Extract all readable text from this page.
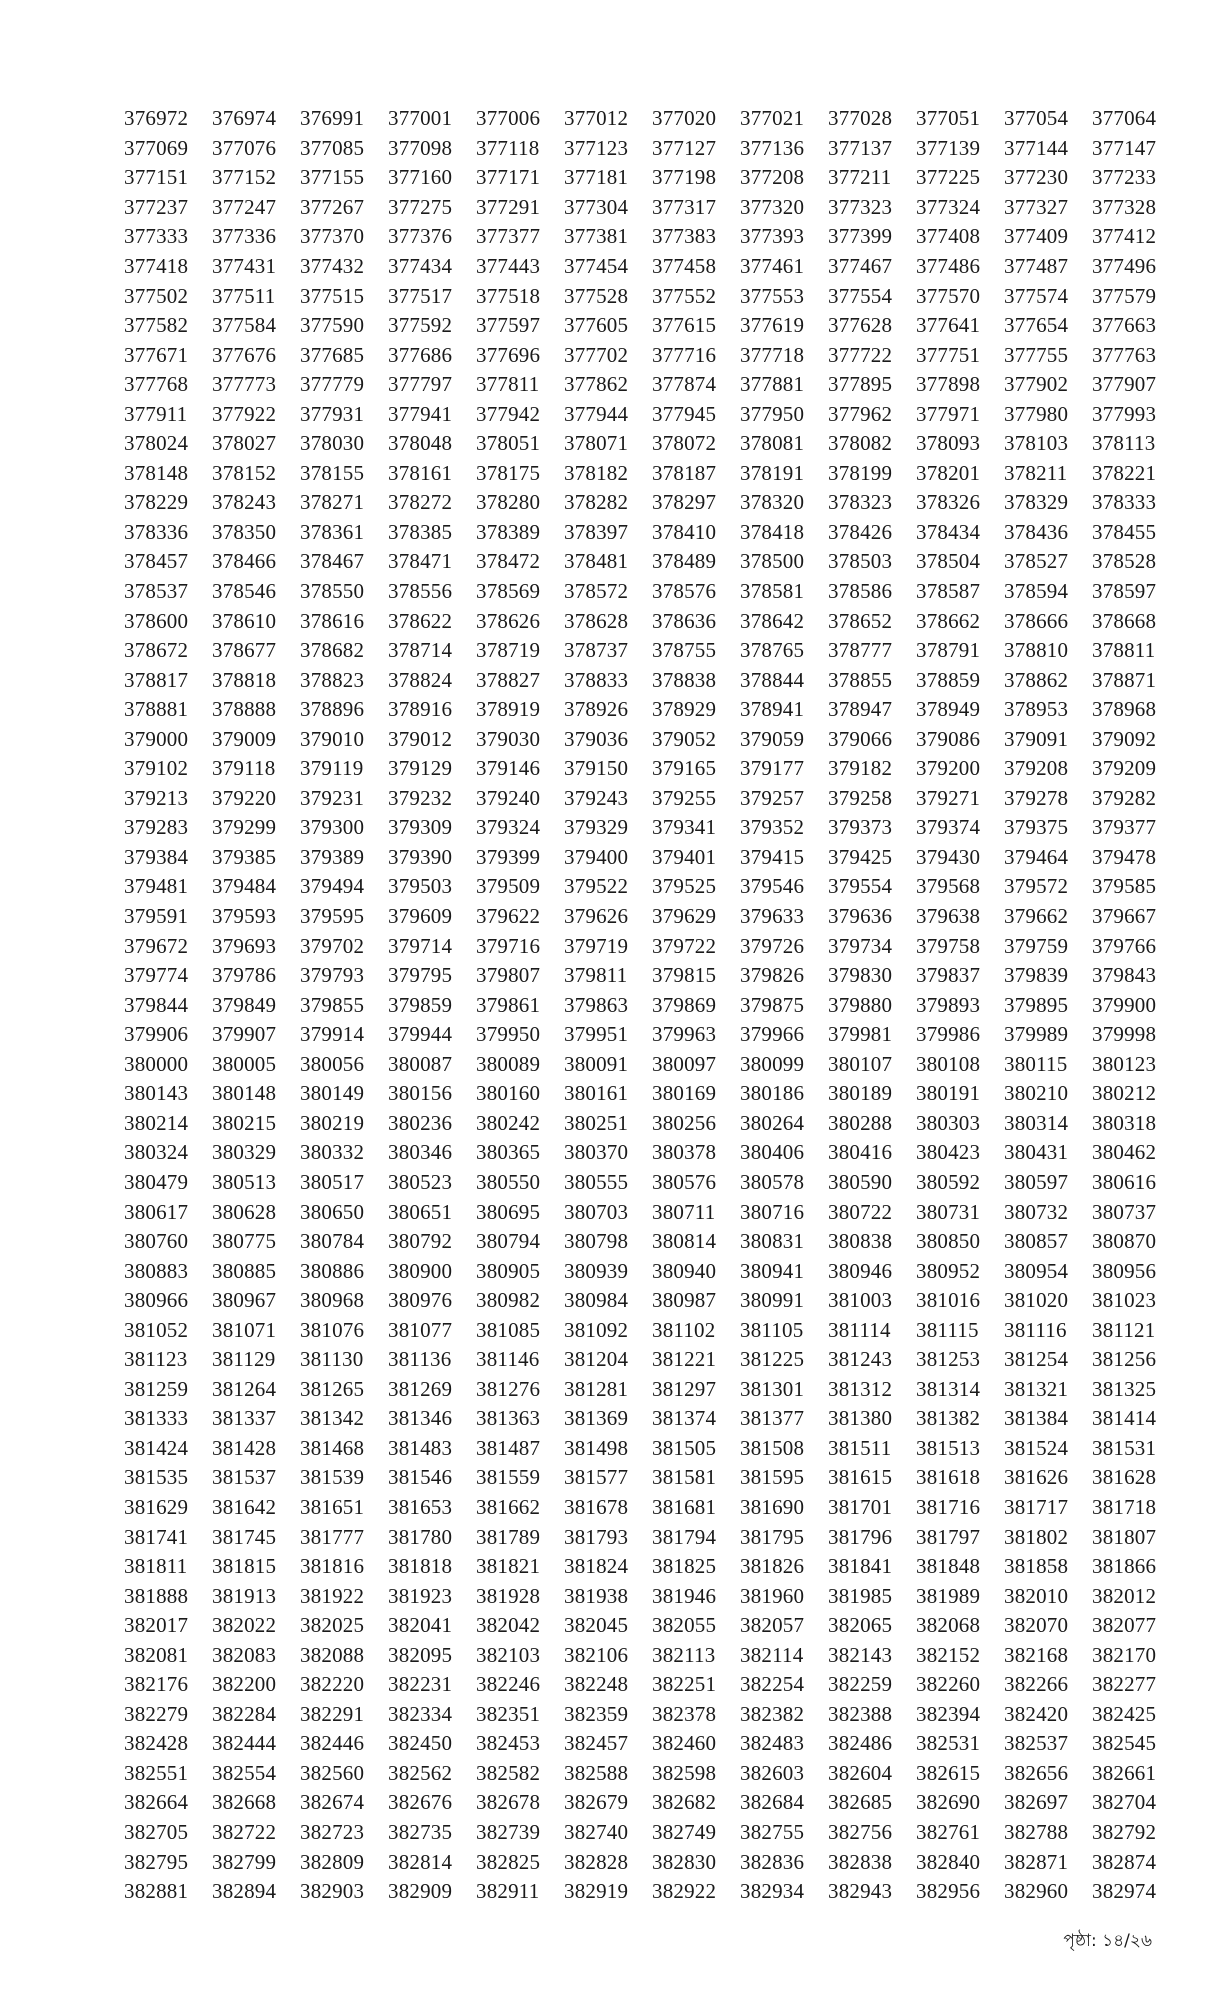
376972	376974	376991	377001	377006	377012	377020	377021	377028	377051	377054	377064
377069	377076	377085	377098	377118	377123	377127	377136	377137	377139	377144	377147
377151	377152	377155	377160	377171	377181	377198	377208	377211	377225	377230	377233
377237	377247	377267	377275	377291	377304	377317	377320	377323	377324	377327	377328
377333	377336	377370	377376	377377	377381	377383	377393	377399	377408	377409	377412
377418	377431	377432	377434	377443	377454	377458	377461	377467	377486	377487	377496
377502	377511	377515	377517	377518	377528	377552	377553	377554	377570	377574	377579
377582	377584	377590	377592	377597	377605	377615	377619	377628	377641	377654	377663
377671	377676	377685	377686	377696	377702	377716	377718	377722	377751	377755	377763
377768	377773	377779	377797	377811	377862	377874	377881	377895	377898	377902	377907
377911	377922	377931	377941	377942	377944	377945	377950	377962	377971	377980	377993
378024	378027	378030	378048	378051	378071	378072	378081	378082	378093	378103	378113
378148	378152	378155	378161	378175	378182	378187	378191	378199	378201	378211	378221
378229	378243	378271	378272	378280	378282	378297	378320	378323	378326	378329	378333
378336	378350	378361	378385	378389	378397	378410	378418	378426	378434	378436	378455
378457	378466	378467	378471	378472	378481	378489	378500	378503	378504	378527	378528
378537	378546	378550	378556	378569	378572	378576	378581	378586	378587	378594	378597
378600	378610	378616	378622	378626	378628	378636	378642	378652	378662	378666	378668
378672	378677	378682	378714	378719	378737	378755	378765	378777	378791	378810	378811
378817	378818	378823	378824	378827	378833	378838	378844	378855	378859	378862	378871
378881	378888	378896	378916	378919	378926	378929	378941	378947	378949	378953	378968
379000	379009	379010	379012	379030	379036	379052	379059	379066	379086	379091	379092
379102	379118	379119	379129	379146	379150	379165	379177	379182	379200	379208	379209
379213	379220	379231	379232	379240	379243	379255	379257	379258	379271	379278	379282
379283	379299	379300	379309	379324	379329	379341	379352	379373	379374	379375	379377
379384	379385	379389	379390	379399	379400	379401	379415	379425	379430	379464	379478
379481	379484	379494	379503	379509	379522	379525	379546	379554	379568	379572	379585
379591	379593	379595	379609	379622	379626	379629	379633	379636	379638	379662	379667
379672	379693	379702	379714	379716	379719	379722	379726	379734	379758	379759	379766
379774	379786	379793	379795	379807	379811	379815	379826	379830	379837	379839	379843
379844	379849	379855	379859	379861	379863	379869	379875	379880	379893	379895	379900
379906	379907	379914	379944	379950	379951	379963	379966	379981	379986	379989	379998
380000	380005	380056	380087	380089	380091	380097	380099	380107	380108	380115	380123
380143	380148	380149	380156	380160	380161	380169	380186	380189	380191	380210	380212
380214	380215	380219	380236	380242	380251	380256	380264	380288	380303	380314	380318
380324	380329	380332	380346	380365	380370	380378	380406	380416	380423	380431	380462
380479	380513	380517	380523	380550	380555	380576	380578	380590	380592	380597	380616
380617	380628	380650	380651	380695	380703	380711	380716	380722	380731	380732	380737
380760	380775	380784	380792	380794	380798	380814	380831	380838	380850	380857	380870
380883	380885	380886	380900	380905	380939	380940	380941	380946	380952	380954	380956
380966	380967	380968	380976	380982	380984	380987	380991	381003	381016	381020	381023
381052	381071	381076	381077	381085	381092	381102	381105	381114	381115	381116	381121
381123	381129	381130	381136	381146	381204	381221	381225	381243	381253	381254	381256
381259	381264	381265	381269	381276	381281	381297	381301	381312	381314	381321	381325
381333	381337	381342	381346	381363	381369	381374	381377	381380	381382	381384	381414
381424	381428	381468	381483	381487	381498	381505	381508	381511	381513	381524	381531
381535	381537	381539	381546	381559	381577	381581	381595	381615	381618	381626	381628
381629	381642	381651	381653	381662	381678	381681	381690	381701	381716	381717	381718
381741	381745	381777	381780	381789	381793	381794	381795	381796	381797	381802	381807
381811	381815	381816	381818	381821	381824	381825	381826	381841	381848	381858	381866
381888	381913	381922	381923	381928	381938	381946	381960	381985	381989	382010	382012
382017	382022	382025	382041	382042	382045	382055	382057	382065	382068	382070	382077
382081	382083	382088	382095	382103	382106	382113	382114	382143	382152	382168	382170
382176	382200	382220	382231	382246	382248	382251	382254	382259	382260	382266	382277
382279	382284	382291	382334	382351	382359	382378	382382	382388	382394	382420	382425
382428	382444	382446	382450	382453	382457	382460	382483	382486	382531	382537	382545
382551	382554	382560	382562	382582	382588	382598	382603	382604	382615	382656	382661
382664	382668	382674	382676	382678	382679	382682	382684	382685	382690	382697	382704
382705	382722	382723	382735	382739	382740	382749	382755	382756	382761	382788	382792
382795	382799	382809	382814	382825	382828	382830	382836	382838	382840	382871	382874
382881	382894	382903	382909	382911	382919	382922	382934	382943	382956	382960	382974
পৃষ্ঠা: ১৪/২৬
